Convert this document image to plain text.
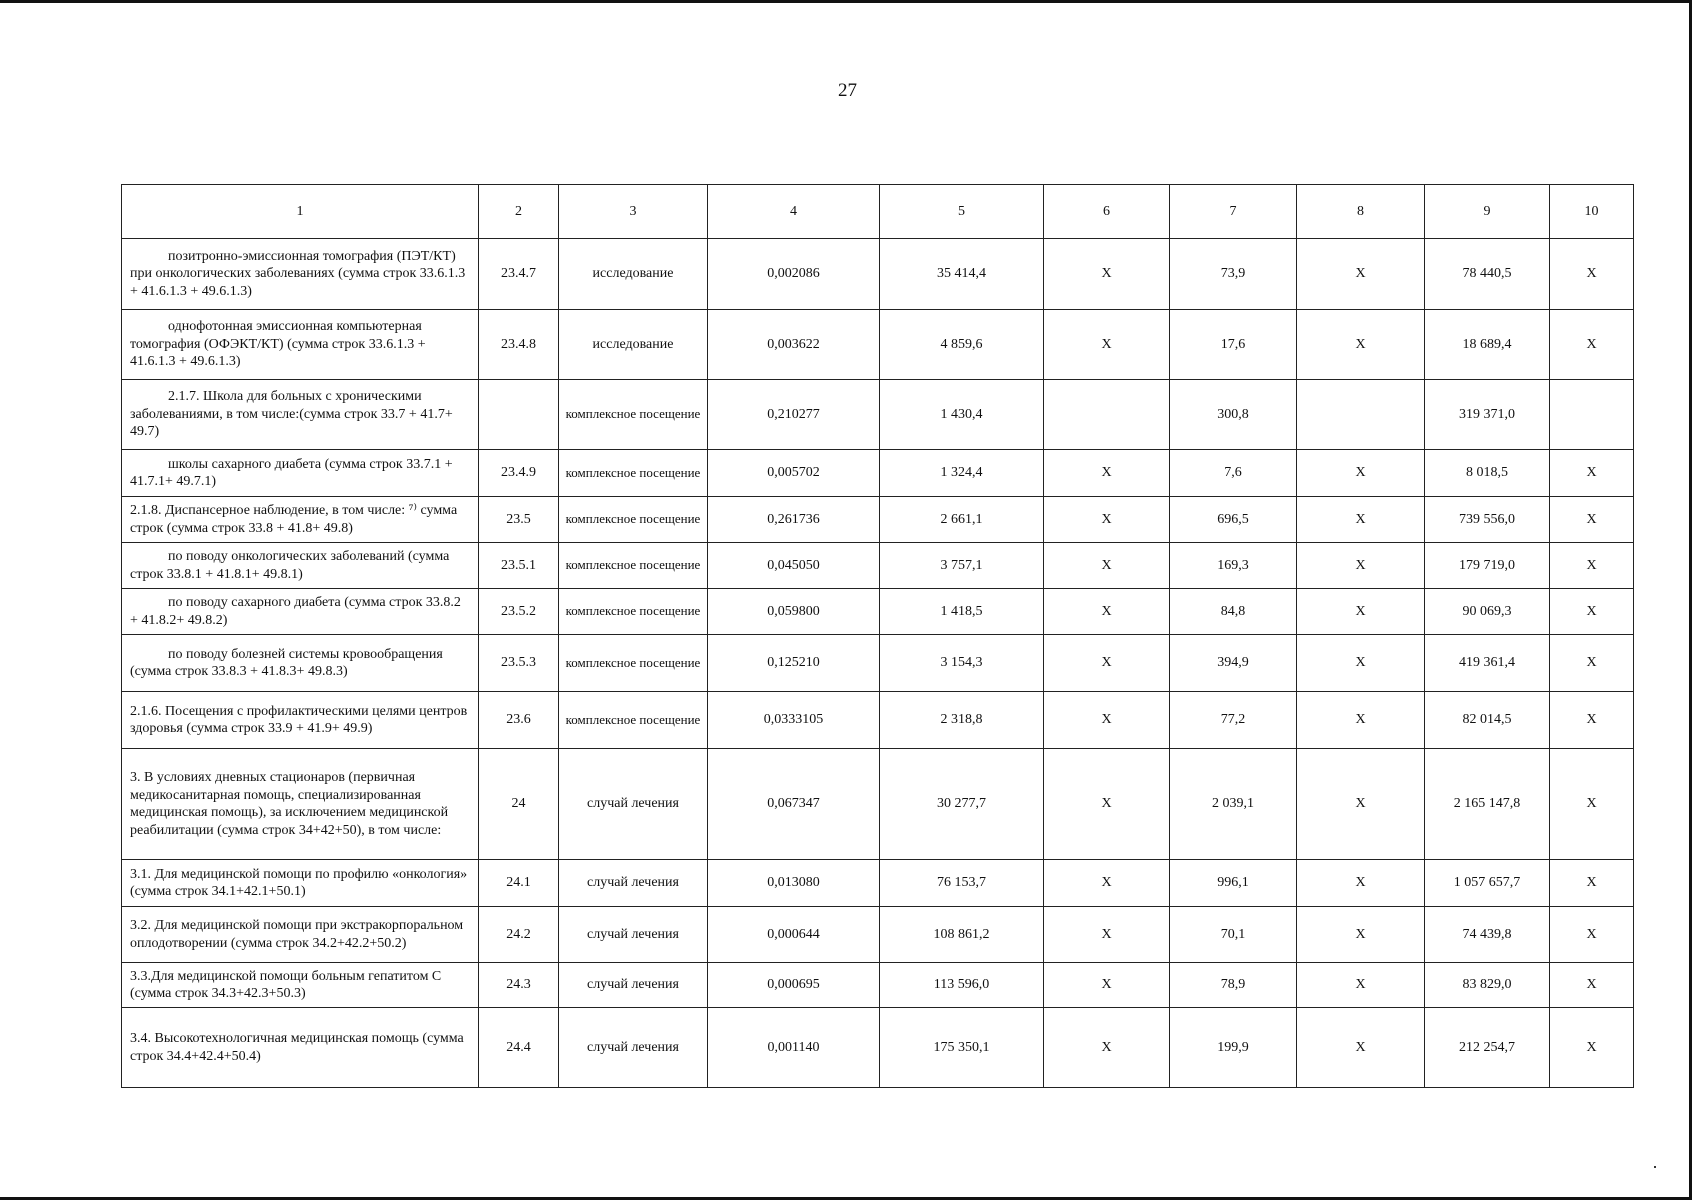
27
1	2	3	4	5	6	7	8	9	10
позитронно-эмиссионная томография (ПЭТ/КТ) при онкологических заболеваниях (сумма строк 33.6.1.3 + 41.6.1.3 + 49.6.1.3)	23.4.7	исследование	0,002086	35 414,4	Х	73,9	Х	78 440,5	Х
однофотонная эмиссионная компьютерная томография (ОФЭКТ/КТ) (сумма строк 33.6.1.3 + 41.6.1.3 + 49.6.1.3)	23.4.8	исследование	0,003622	4 859,6	Х	17,6	Х	18 689,4	Х
2.1.7. Школа для больных с хроническими заболеваниями, в том числе:(сумма строк 33.7 + 41.7+ 49.7)		комплексное посещение	0,210277	1 430,4		300,8		319 371,0	
школы сахарного диабета (сумма строк 33.7.1 + 41.7.1+ 49.7.1)	23.4.9	комплексное посещение	0,005702	1 324,4	Х	7,6	Х	8 018,5	Х
2.1.8. Диспансерное наблюдение, в том числе: ⁷⁾ сумма строк (сумма строк 33.8 + 41.8+ 49.8)	23.5	комплексное посещение	0,261736	2 661,1	Х	696,5	Х	739 556,0	Х
по поводу онкологических заболеваний (сумма строк 33.8.1 + 41.8.1+ 49.8.1)	23.5.1	комплексное посещение	0,045050	3 757,1	Х	169,3	Х	179 719,0	Х
по поводу сахарного диабета (сумма строк 33.8.2 + 41.8.2+ 49.8.2)	23.5.2	комплексное посещение	0,059800	1 418,5	Х	84,8	Х	90 069,3	Х
по поводу болезней системы кровообращения (сумма строк 33.8.3 + 41.8.3+ 49.8.3)	23.5.3	комплексное посещение	0,125210	3 154,3	Х	394,9	Х	419 361,4	Х
2.1.6. Посещения с профилактическими целями центров здоровья (сумма строк 33.9 + 41.9+ 49.9)	23.6	комплексное посещение	0,0333105	2 318,8	Х	77,2	Х	82 014,5	Х
3. В условиях дневных стационаров (первичная медикосанитарная помощь, специализированная медицинская помощь), за исключением медицинской реабилитации (сумма строк 34+42+50), в том числе:	24	случай лечения	0,067347	30 277,7	Х	2 039,1	Х	2 165 147,8	Х
3.1. Для медицинской помощи по профилю «онкология» (сумма строк 34.1+42.1+50.1)	24.1	случай лечения	0,013080	76 153,7	Х	996,1	Х	1 057 657,7	Х
3.2. Для медицинской помощи при экстракорпоральном оплодотворении (сумма строк 34.2+42.2+50.2)	24.2	случай лечения	0,000644	108 861,2	Х	70,1	Х	74 439,8	Х
3.3.Для медицинской помощи больным гепатитом С (сумма строк 34.3+42.3+50.3)	24.3	случай лечения	0,000695	113 596,0	Х	78,9	Х	83 829,0	Х
3.4. Высокотехнологичная медицинская помощь (сумма строк 34.4+42.4+50.4)	24.4	случай лечения	0,001140	175 350,1	Х	199,9	Х	212 254,7	Х
